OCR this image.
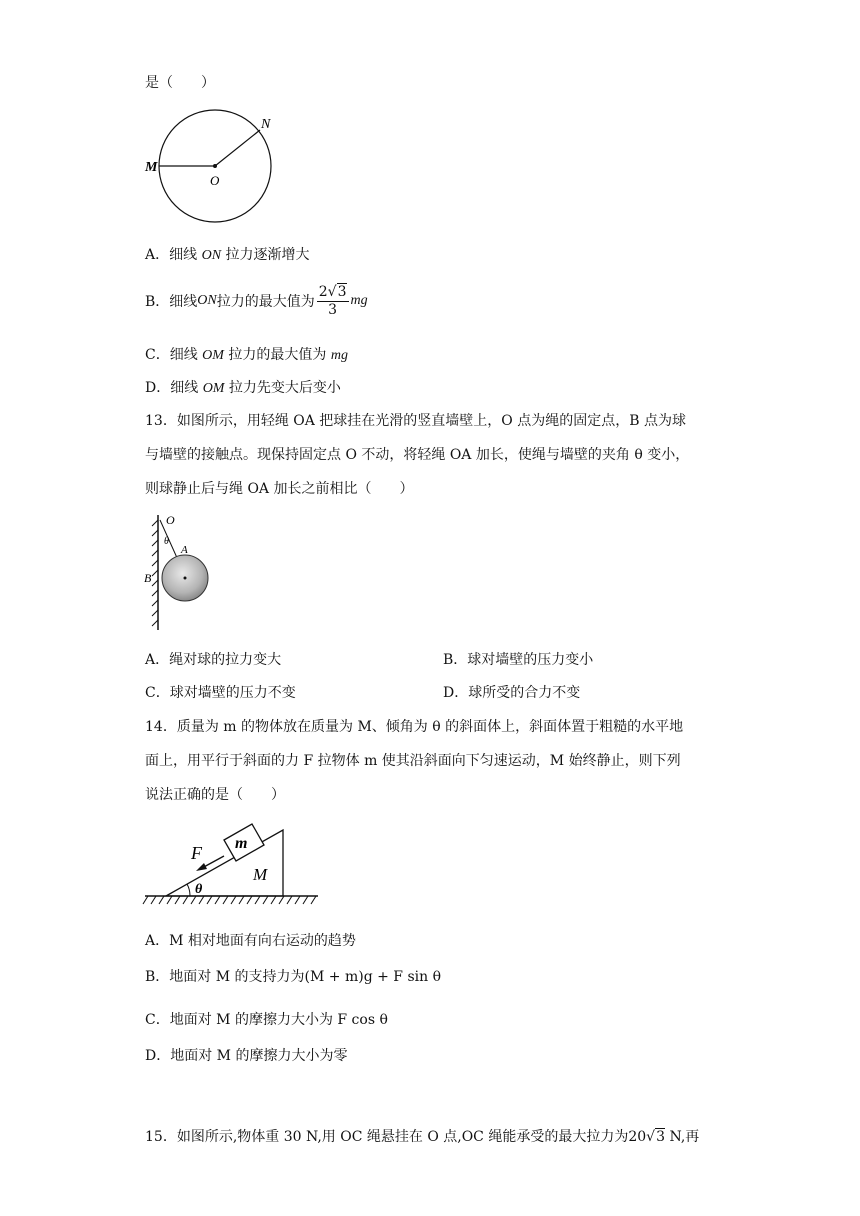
是（　　）
M
O
N
A．细线 ON 拉力逐渐增大
B． 细线 ON 拉力的最大值为 $\frac{2√3}{3}$ mg
C．细线 OM 拉力的最大值为 mg
D．细线 OM 拉力先变大后变小
13．如图所示，用轻绳 OA 把球挂在光滑的竖直墙壁上，O 点为绳的固定点，B 点为球
与墙壁的接触点。现保持固定点 O 不动，将轻绳 OA 加长，使绳与墙壁的夹角 θ 变小，
则球静止后与绳 OA 加长之前相比（　　）
O
θ
A
B
A．绳对球的拉力变大	B．球对墙壁的压力变小
C．球对墙壁的压力不变	D．球所受的合力不变
14．质量为 m 的物体放在质量为 M、倾角为 θ 的斜面体上，斜面体置于粗糙的水平地
面上，用平行于斜面的力 F 拉物体 m 使其沿斜面向下匀速运动，M 始终静止，则下列
说法正确的是（　　）
F m
M
θ
A．M 相对地面有向右运动的趋势
B．地面对 M 的支持力为(M + m)g + F sin θ
C．地面对 M 的摩擦力大小为 F cos θ
D．地面对 M 的摩擦力大小为零
15．如图所示,物体重 30 N,用 OC 绳悬挂在 O 点,OC 绳能承受的最大拉力为20√3 N,再
